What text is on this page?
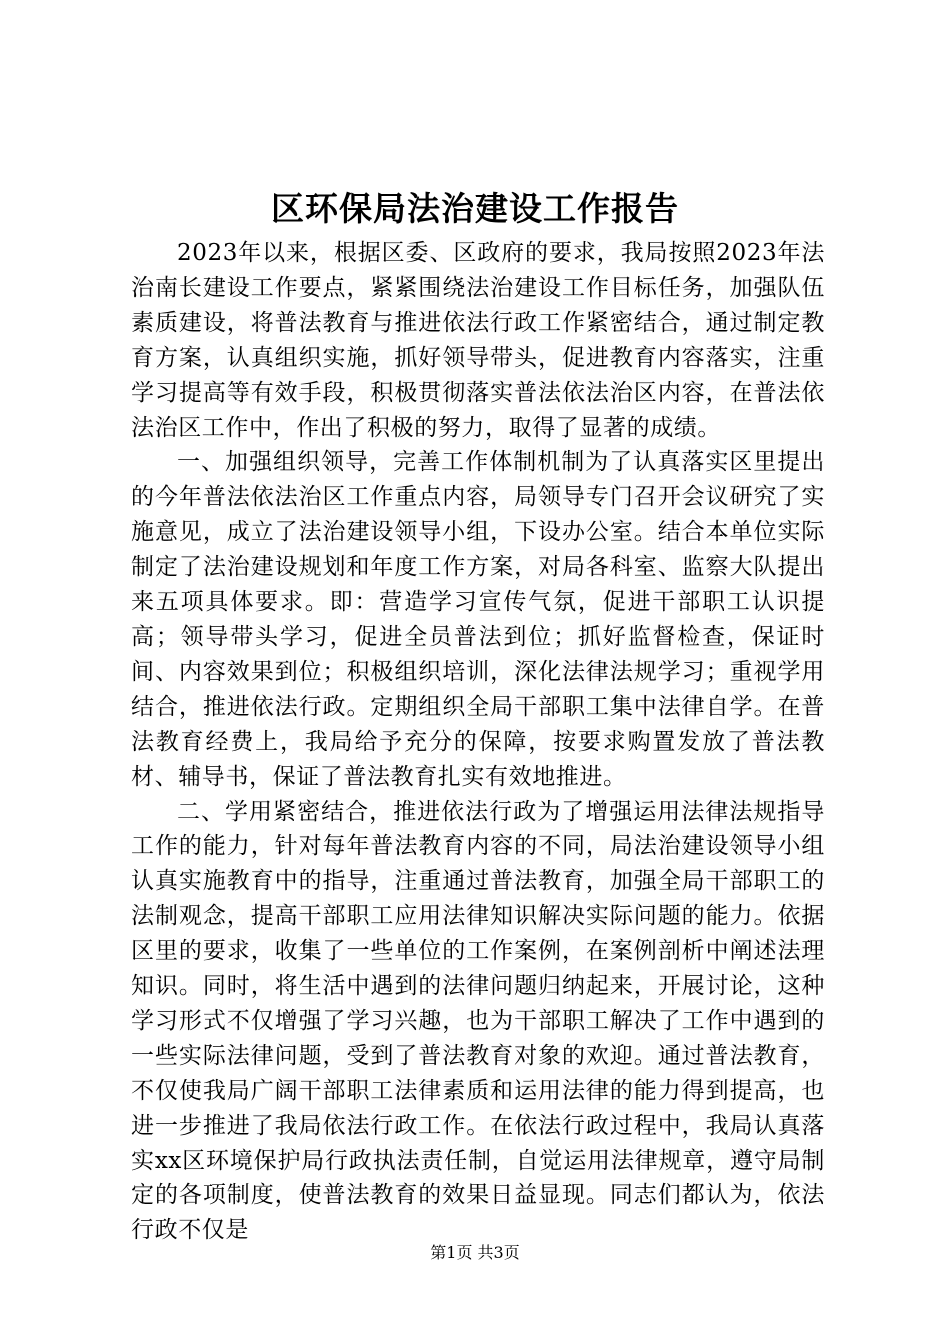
区环保局法治建设工作报告

2023年以来，根据区委、区政府的要求，我局按照2023年法治南长建设工作要点，紧紧围绕法治建设工作目标任务，加强队伍素质建设，将普法教育与推进依法行政工作紧密结合，通过制定教育方案，认真组织实施，抓好领导带头，促进教育内容落实，注重学习提高等有效手段，积极贯彻落实普法依法治区内容，在普法依法治区工作中，作出了积极的努力，取得了显著的成绩。

一、加强组织领导，完善工作体制机制为了认真落实区里提出的今年普法依法治区工作重点内容，局领导专门召开会议研究了实施意见，成立了法治建设领导小组，下设办公室。结合本单位实际制定了法治建设规划和年度工作方案，对局各科室、监察大队提出来五项具体要求。即：营造学习宣传气氛，促进干部职工认识提高；领导带头学习，促进全员普法到位；抓好监督检查，保证时间、内容效果到位；积极组织培训，深化法律法规学习；重视学用结合，推进依法行政。定期组织全局干部职工集中法律自学。在普法教育经费上，我局给予充分的保障，按要求购置发放了普法教材、辅导书，保证了普法教育扎实有效地推进。

二、学用紧密结合，推进依法行政为了增强运用法律法规指导工作的能力，针对每年普法教育内容的不同，局法治建设领导小组认真实施教育中的指导，注重通过普法教育，加强全局干部职工的法制观念，提高干部职工应用法律知识解决实际问题的能力。依据区里的要求，收集了一些单位的工作案例，在案例剖析中阐述法理知识。同时，将生活中遇到的法律问题归纳起来，开展讨论，这种学习形式不仅增强了学习兴趣，也为干部职工解决了工作中遇到的一些实际法律问题，受到了普法教育对象的欢迎。通过普法教育，不仅使我局广阔干部职工法律素质和运用法律的能力得到提高，也进一步推进了我局依法行政工作。在依法行政过程中，我局认真落实xx区环境保护局行政执法责任制，自觉运用法律规章，遵守局制定的各项制度，使普法教育的效果日益显现。同志们都认为，依法行政不仅是

第1页 共3页
